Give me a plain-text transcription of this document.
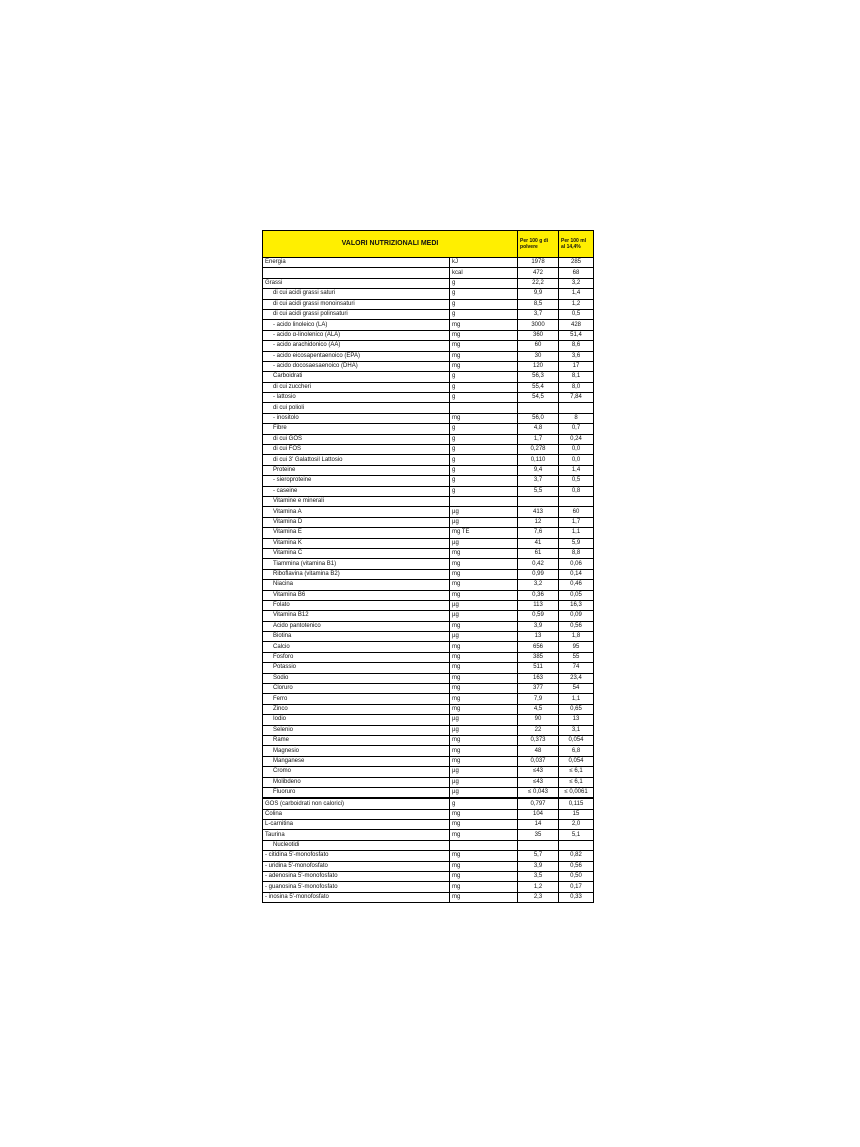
VALORI NUTRIZIONALI MEDI		Per 100 g di polvere	Per 100 ml al 14,4%
Energia	kJ	1978	285
	kcal	472	68
Grassi	g	22,2	3,2
di cui acidi grassi saturi	g	9,9	1,4
di cui acidi grassi monoinsaturi	g	8,5	1,2
di cui acidi grassi polinsaturi	g	3,7	0,5
- acido linoleico (LA)	mg	3000	428
- acido α-linolenico (ALA)	mg	360	51,4
- acido arachidonico (AA)	mg	60	8,6
- acido eicosapentaenoico (EPA)	mg	30	3,6
- acido docosaesaenoico (DHA)	mg	120	17
Carboidrati	g	56,3	8,1
di cui zuccheri	g	55,4	8,0
- lattosio	g	54,5	7,84
di cui polioli			
- inositolo	mg	56,0	8
Fibre	g	4,8	0,7
di cui GOS	g	1,7	0,24
di cui FOS	g	0,278	0,0
di cui 3' Galattosil Lattosio	g	0,110	0,0
Proteine	g	9,4	1,4
- sieroproteine	g	3,7	0,5
- caseine	g	5,5	0,8
Vitamine e minerali			
Vitamina A	µg	413	60
Vitamina D	µg	12	1,7
Vitamina E	mg TE	7,6	1,1
Vitamina K	µg	41	5,9
Vitamina C	mg	61	8,8
Tiammina (vitamina B1)	mg	0,42	0,06
Riboflavina (vitamina B2)	mg	0,99	0,14
Niacina	mg	3,2	0,46
Vitamina B6	mg	0,36	0,05
Folato	µg	113	16,3
Vitamina B12	µg	0,59	0,09
Acido pantotenico	mg	3,9	0,56
Biotina	µg	13	1,8
Calcio	mg	656	95
Fosforo	mg	385	55
Potassio	mg	511	74
Sodio	mg	163	23,4
Cloruro	mg	377	54
Ferro	mg	7,9	1,1
Zinco	mg	4,5	0,65
Iodio	µg	90	13
Selenio	µg	22	3,1
Rame	mg	0,373	0,054
Magnesio	mg	48	6,8
Manganese	mg	0,037	0,054
Cromo	µg	≤43	≤ 6,1
Molibdeno	µg	≤43	≤ 6,1
Fluoruro	µg	≤ 0,043	≤ 0,0061
GOS (carboidrati non calorici)	g	0,797	0,115
Colina	mg	104	15
L-carnitina	mg	14	2,0
Taurina	mg	35	5,1
Nucleotidi			
- citidina 5'-monofosfato	mg	5,7	0,82
- uridina 5'-monofosfato	mg	3,9	0,56
- adenosina 5'-monofosfato	mg	3,5	0,50
- guanosina 5'-monofosfato	mg	1,2	0,17
- inosina 5'-monofosfato	mg	2,3	0,33
